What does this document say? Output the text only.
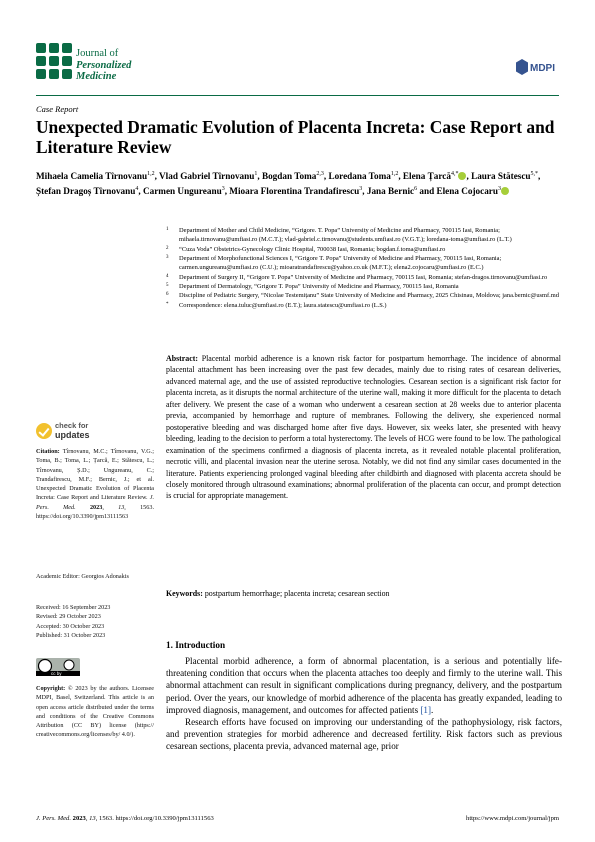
Journal of
Personalized
Medicine
MDPI
Case Report
Unexpected Dramatic Evolution of Placenta Increta: Case Report and Literature Review
Mihaela Camelia Tîrnovanu$^{1,2}$, Vlad Gabriel Tîrnovanu$^1$, Bogdan Toma$^{2,3}$, Loredana Toma$^{1,2}$, Elena Țarcă$^{4,*}$ , Laura Stătescu$^{5,*}$, Ștefan Dragoș Tîrnovanu$^4$, Carmen Ungureanu$^3$, Mioara Florentina Trandafirescu$^3$, Jana Bernic$^6$ and Elena Cojocaru$^3$
1 Department of Mother and Child Medicine, “Grigore. T. Popa” University of Medicine and Pharmacy, 700115 Iasi, Romania; mihaela.tirnovanu@umfiasi.ro (M.C.T.); vlad-gabriel.c.tirnovanu@students.umfiasi.ro (V.G.T.); loredana-toma@umfiasi.ro (L.T.)
2 “Cuza Voda” Obstetrics-Gynecology Clinic Hospital, 700038 Iasi, Romania; bogdan.f.toma@umfiasi.ro
3 Department of Morphofunctional Sciences I, “Grigore T. Popa” University of Medicine and Pharmacy, 700115 Iasi, Romania; carmen.ungureanu@umfiasi.ro (C.U.); mioaratrandafirescu@yahoo.co.uk (M.F.T.); elena2.cojocaru@umfiasi.ro (E.C.)
4 Department of Surgery II, “Grigore T. Popa” University of Medicine and Pharmacy, 700115 Iasi, Romania; stefan-dragos.tirnovanu@umfiasi.ro
5 Department of Dermatology, “Grigore T. Popa” University of Medicine and Pharmacy, 700115 Iasi, Romania
6 Discipline of Pediatric Surgery, “Nicolae Testemițanu” State University of Medicine and Pharmacy, 2025 Chisinau, Moldova; jana.bernic@usmf.md
* Correspondence: elena.tuluc@umfiasi.ro (E.T.); laura.statescu@umfiasi.ro (L.S.)
Abstract: Placental morbid adherence is a known risk factor for postpartum hemorrhage. The incidence of abnormal placental attachment has been increasing over the past few decades, mainly due to rising rates of cesarean deliveries, advanced maternal age, and the use of assisted reproductive technologies. Cesarean section is a significant risk factor for placenta increta, as it disrupts the normal architecture of the uterine wall, making it more difficult for the placenta to detach after delivery. We present the case of a woman who underwent a cesarean section at 28 weeks due to anterior placenta previa, accompanied by hemorrhage and rupture of membranes. Following the delivery, she experienced normal postoperative bleeding and was discharged home after five days. However, six weeks later, she presented with heavy bleeding, leading to the decision to perform a total hysterectomy. The levels of HCG were found to be low. The pathological examination of the specimens confirmed a diagnosis of placenta increta, as it revealed notable placental proliferation, necrotic villi, and placental invasion near the uterine serosa. Notably, we did not find any similar cases documented in the literature. Patients experiencing prolonged vaginal bleeding after childbirth and diagnosed with placenta accreta should be closely monitored through ultrasound examinations; abnormal proliferation of the placenta can occur, and prompt detection is crucial for appropriate management.
Keywords: postpartum hemorrhage; placenta increta; cesarean section
check for
updates
Citation: Tîrnovanu, M.C.; Tîrnovanu, V.G.; Toma, B.; Toma, L.; Țarcă, E.; Stătescu, L.; Tîrnovanu, Ș.D.; Ungureanu, C.; Trandafirescu, M.F.; Bernic, J.; et al. Unexpected Dramatic Evolution of Placenta Increta: Case Report and Literature Review. J. Pers. Med. 2023, 13, 1563. https://doi.org/10.3390/jpm13111563
Academic Editor: Georgios Adonakis
Received: 16 September 2023
Revised: 29 October 2023
Accepted: 30 October 2023
Published: 31 October 2023
cc by
Copyright: © 2023 by the authors. Licensee MDPI, Basel, Switzerland. This article is an open access article distributed under the terms and conditions of the Creative Commons Attribution (CC BY) license (https:// creativecommons.org/licenses/by/ 4.0/).
1. Introduction

Placental morbid adherence, a form of abnormal placentation, is a serious and potentially life-threatening condition that occurs when the placenta attaches too deeply and firmly to the uterine wall. This abnormal attachment can result in significant complications during pregnancy, delivery, and the postpartum period. Over the years, our knowledge of morbid adherence of the placenta has greatly expanded, leading to improved diagnosis, management, and outcomes for affected patients [1].

Research efforts have focused on improving our understanding of the pathophysiology, risk factors, and prevention strategies for morbid adherence and decreased fertility. Risk factors such as previous cesarean sections, placenta previa, advanced maternal age, prior

J. Pers. Med. 2023, 13, 1563. https://doi.org/10.3390/jpm13111563	https://www.mdpi.com/journal/jpm
